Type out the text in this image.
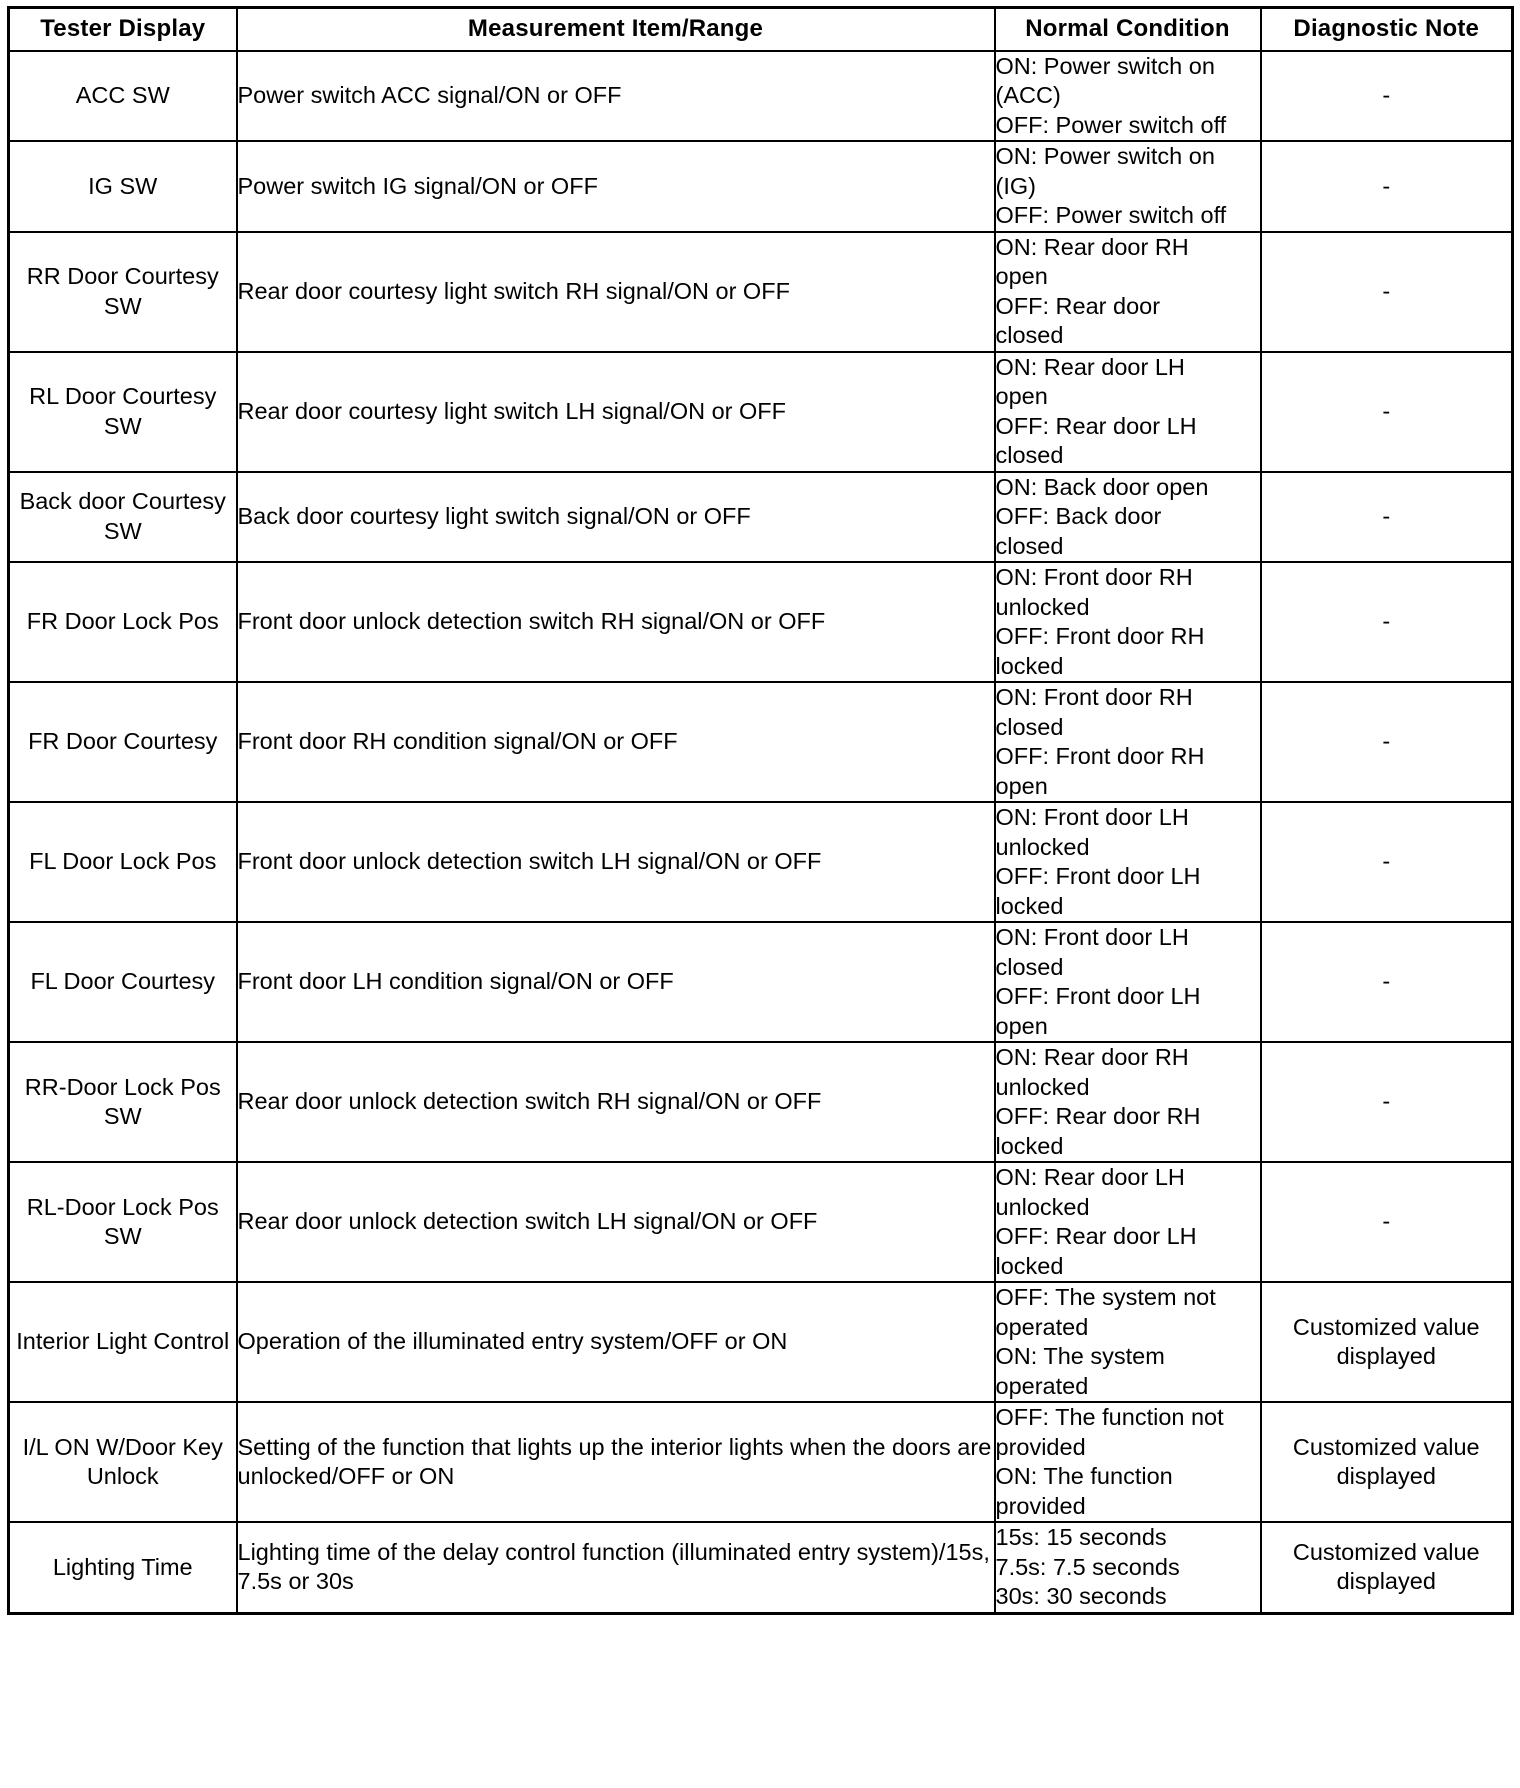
Tester Display	Measurement Item/Range	Normal Condition	Diagnostic Note
ACC SW	Power switch ACC signal/ON or OFF	ON: Power switch on
(ACC)
OFF: Power switch off	-
IG SW	Power switch IG signal/ON or OFF	ON: Power switch on
(IG)
OFF: Power switch off	-
RR Door Courtesy SW	Rear door courtesy light switch RH signal/ON or OFF	ON: Rear door RH
open
OFF: Rear door
closed	-
RL Door Courtesy SW	Rear door courtesy light switch LH signal/ON or OFF	ON: Rear door LH
open
OFF: Rear door LH
closed	-
Back door Courtesy SW	Back door courtesy light switch signal/ON or OFF	ON: Back door open
OFF: Back door
closed	-
FR Door Lock Pos	Front door unlock detection switch RH signal/ON or OFF	ON: Front door RH
unlocked
OFF: Front door RH
locked	-
FR Door Courtesy	Front door RH condition signal/ON or OFF	ON: Front door RH
closed
OFF: Front door RH
open	-
FL Door Lock Pos	Front door unlock detection switch LH signal/ON or OFF	ON: Front door LH
unlocked
OFF: Front door LH
locked	-
FL Door Courtesy	Front door LH condition signal/ON or OFF	ON: Front door LH
closed
OFF: Front door LH
open	-
RR-Door Lock Pos SW	Rear door unlock detection switch RH signal/ON or OFF	ON: Rear door RH
unlocked
OFF: Rear door RH
locked	-
RL-Door Lock Pos SW	Rear door unlock detection switch LH signal/ON or OFF	ON: Rear door LH
unlocked
OFF: Rear door LH
locked	-
Interior Light Control	Operation of the illuminated entry system/OFF or ON	OFF: The system not
operated
ON: The system
operated	Customized value displayed
I/L ON W/Door Key Unlock	Setting of the function that lights up the interior lights when the doors are unlocked/OFF or ON	OFF: The function not
provided
ON: The function
provided	Customized value displayed
Lighting Time	Lighting time of the delay control function (illuminated entry system)/15s, 7.5s or 30s	15s: 15 seconds
7.5s: 7.5 seconds
30s: 30 seconds	Customized value displayed
